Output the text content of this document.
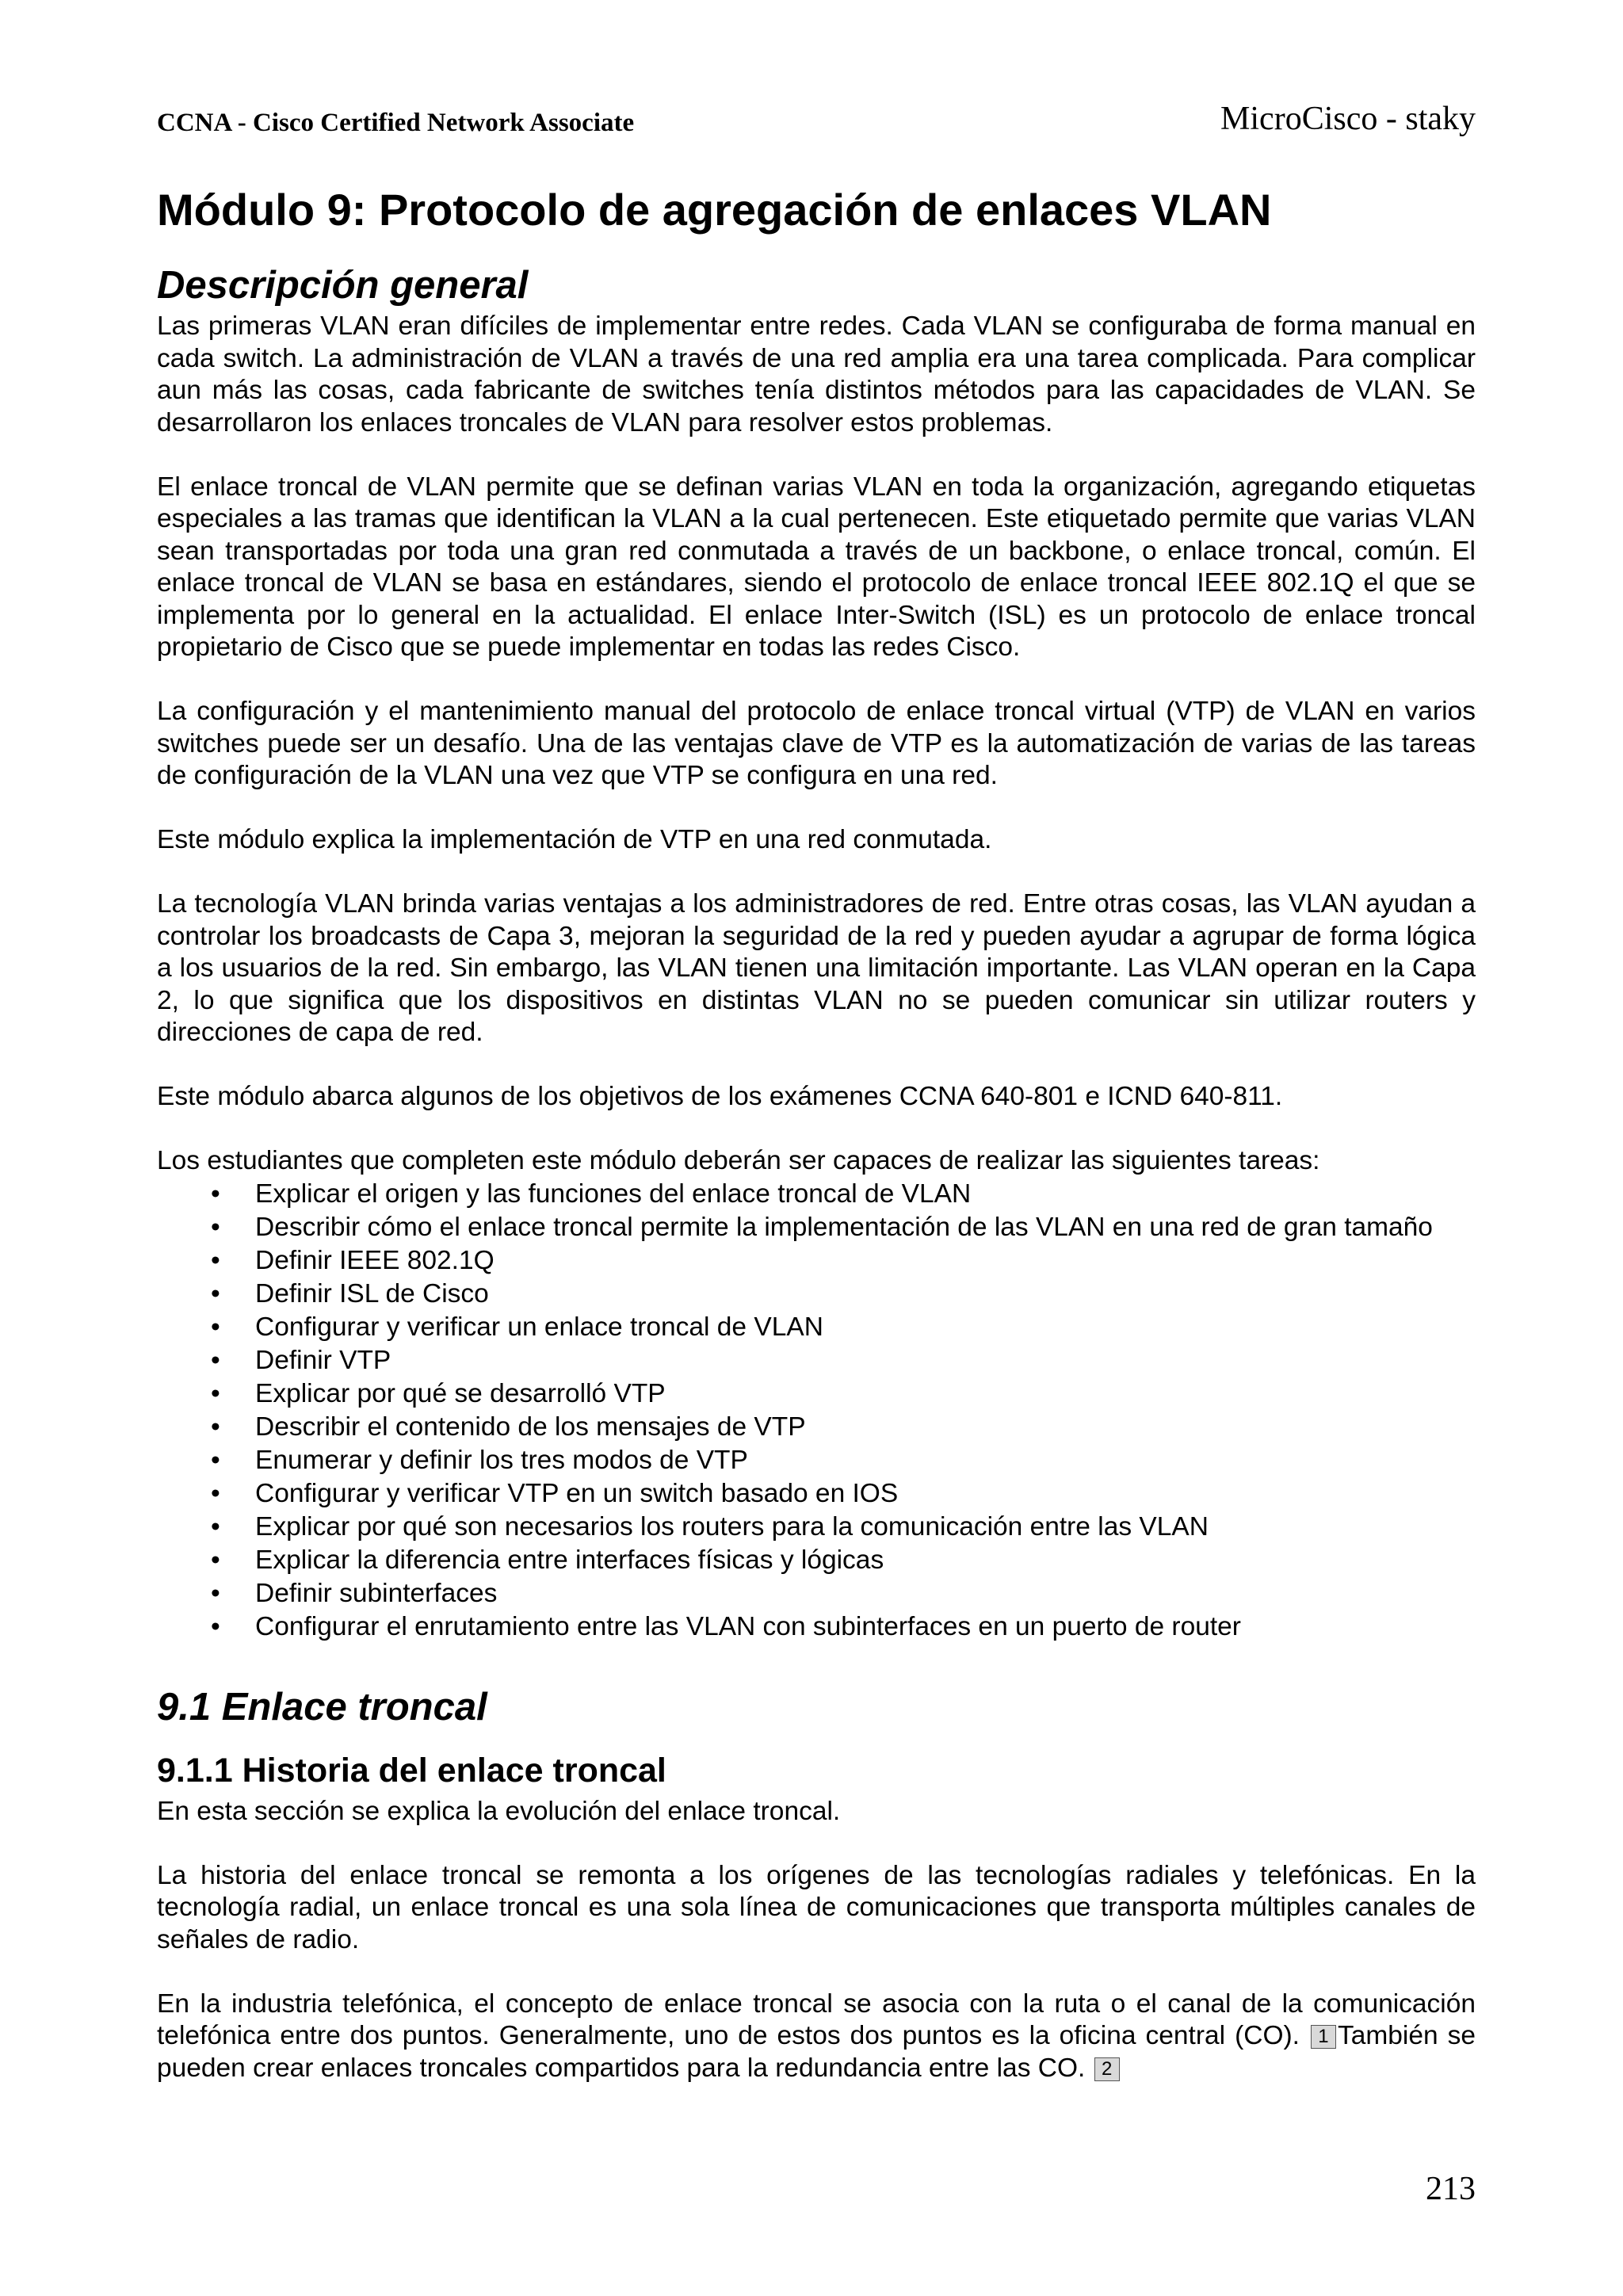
CCNA - Cisco Certified Network Associate	MicroCisco - staky
Módulo 9: Protocolo de agregación de enlaces VLAN
Descripción general

Las primeras VLAN eran difíciles de implementar entre redes. Cada VLAN se configuraba de forma manual en cada switch. La administración de VLAN a través de una red amplia era una tarea complicada. Para complicar aun más las cosas, cada fabricante de switches tenía distintos métodos para las capacidades de VLAN. Se desarrollaron los enlaces troncales de VLAN para resolver estos problemas.

El enlace troncal de VLAN permite que se definan varias VLAN en toda la organización, agregando etiquetas especiales a las tramas que identifican la VLAN a la cual pertenecen. Este etiquetado permite que varias VLAN sean transportadas por toda una gran red conmutada a través de un backbone, o enlace troncal, común. El enlace troncal de VLAN se basa en estándares, siendo el protocolo de enlace troncal IEEE 802.1Q el que se implementa por lo general en la actualidad. El enlace Inter-Switch (ISL) es un protocolo de enlace troncal propietario de Cisco que se puede implementar en todas las redes Cisco.

La configuración y el mantenimiento manual del protocolo de enlace troncal virtual (VTP) de VLAN en varios switches puede ser un desafío. Una de las ventajas clave de VTP es la automatización de varias de las tareas de configuración de la VLAN una vez que VTP se configura en una red.

Este módulo explica la implementación de VTP en una red conmutada.

La tecnología VLAN brinda varias ventajas a los administradores de red. Entre otras cosas, las VLAN ayudan a controlar los broadcasts de Capa 3, mejoran la seguridad de la red y pueden ayudar a agrupar de forma lógica a los usuarios de la red. Sin embargo, las VLAN tienen una limitación importante. Las VLAN operan en la Capa 2, lo que significa que los dispositivos en distintas VLAN no se pueden comunicar sin utilizar routers y direcciones de capa de red.

Este módulo abarca algunos de los objetivos de los exámenes CCNA 640-801 e ICND 640-811.

Los estudiantes que completen este módulo deberán ser capaces de realizar las siguientes tareas:

• Explicar el origen y las funciones del enlace troncal de VLAN
• Describir cómo el enlace troncal permite la implementación de las VLAN en una red de gran tamaño
• Definir IEEE 802.1Q
• Definir ISL de Cisco
• Configurar y verificar un enlace troncal de VLAN
• Definir VTP
• Explicar por qué se desarrolló VTP
• Describir el contenido de los mensajes de VTP
• Enumerar y definir los tres modos de VTP
• Configurar y verificar VTP en un switch basado en IOS
• Explicar por qué son necesarios los routers para la comunicación entre las VLAN
• Explicar la diferencia entre interfaces físicas y lógicas
• Definir subinterfaces
• Configurar el enrutamiento entre las VLAN con subinterfaces en un puerto de router
9.1 Enlace troncal
9.1.1 Historia del enlace troncal

En esta sección se explica la evolución del enlace troncal.

La historia del enlace troncal se remonta a los orígenes de las tecnologías radiales y telefónicas. En la tecnología radial, un enlace troncal es una sola línea de comunicaciones que transporta múltiples canales de señales de radio.

En la industria telefónica, el concepto de enlace troncal se asocia con la ruta o el canal de la comunicación telefónica entre dos puntos. Generalmente, uno de estos dos puntos es la oficina central (CO). 1 También se pueden crear enlaces troncales compartidos para la redundancia entre las CO. 2

213
